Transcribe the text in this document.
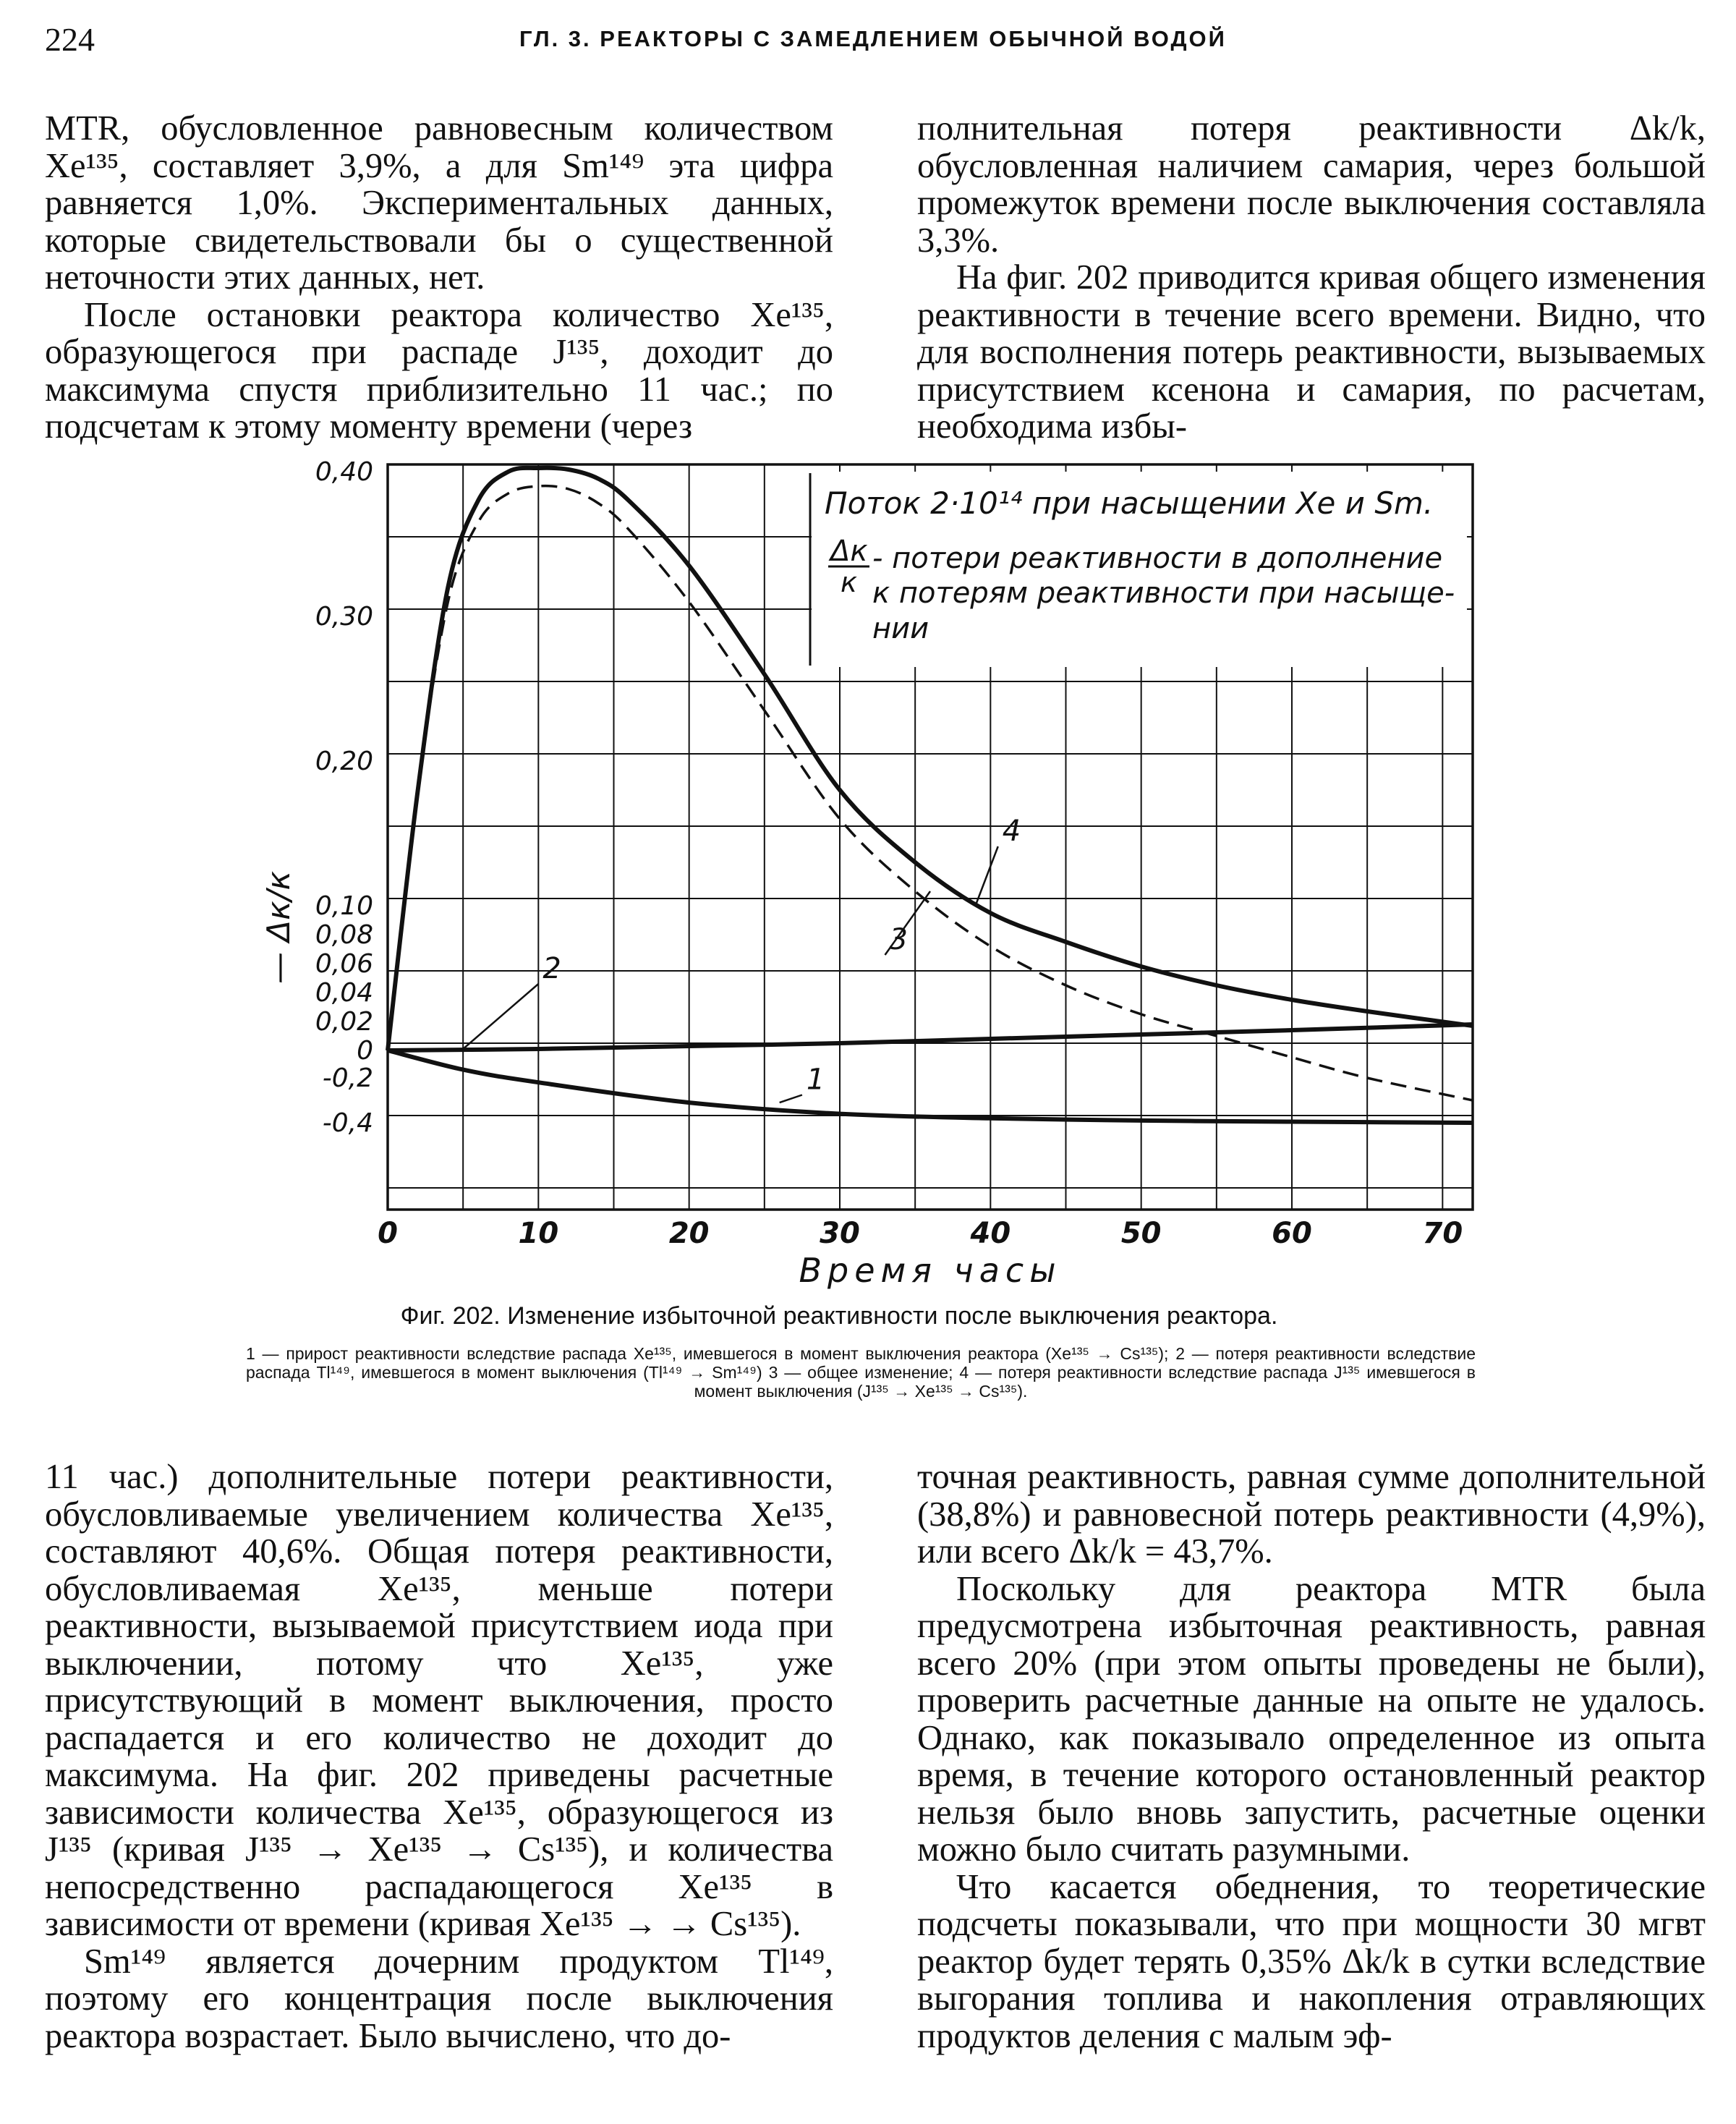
224	ГЛ. 3. РЕАКТОРЫ С ЗАМЕДЛЕНИЕМ ОБЫЧНОЙ ВОДОЙ

MTR, обусловленное равновесным количеством Xe¹³⁵, составляет 3,9%, а для Sm¹⁴⁹ эта цифра равняется 1,0%. Экспериментальных данных, которые свидетельствовали бы о существенной неточности этих данных, нет.

После остановки реактора количество Xe¹³⁵, образующегося при распаде J¹³⁵, доходит до максимума спустя приблизительно 11 час.; по подсчетам к этому моменту времени (через

полнительная потеря реактивности Δk/k, обусловленная наличием самария, через большой промежуток времени после выключения составляла 3,3%.

На фиг. 202 приводится кривая общего изменения реактивности в течение всего времени. Видно, что для восполнения потерь реактивности, вызываемых присутствием ксенона и самария, по расчетам, необходима избы-

-0,4
-0,2
0
0,02
0,04
0,06
0,08
0,10
0,20
0,30
0,40
0	10	20	30	40	50	60	70
1
2
3
4
Поток 2·10¹⁴ при насыщении Xe и Sm.
Δк
к
- потери реактивности в дополнение
к потерям реактивности при насыще-
нии
— Δк/к
Время часы
Фиг. 202. Изменение избыточной реактивности после выключения реактора.
1 — прирост реактивности вследствие распада Xe¹³⁵, имевшегося в момент выключения реактора (Xe¹³⁵ → Cs¹³⁵); 2 — потеря реактивности вследствие распада Tl¹⁴⁹, имевшегося в момент выключения (Tl¹⁴⁹ → Sm¹⁴⁹) 3 — общее изменение; 4 — потеря реактивности вследствие распада J¹³⁵ имевшегося в момент выключения (J¹³⁵ → Xe¹³⁵ → Cs¹³⁵).

11 час.) дополнительные потери реактивности, обусловливаемые увеличением количества Xe¹³⁵, составляют 40,6%. Общая потеря реактивности, обусловливаемая Xe¹³⁵, меньше потери реактивности, вызываемой присутствием иода при выключении, потому что Xe¹³⁵, уже присутствующий в момент выключения, просто распадается и его количество не доходит до максимума. На фиг. 202 приведены расчетные зависимости количества Xe¹³⁵, образующегося из J¹³⁵ (кривая J¹³⁵ → Xe¹³⁵ → Cs¹³⁵), и количества непосредственно распадающегося Xe¹³⁵ в зависимости от времени (кривая Xe¹³⁵ → → Cs¹³⁵).

Sm¹⁴⁹ является дочерним продуктом Tl¹⁴⁹, поэтому его концентрация после выключения реактора возрастает. Было вычислено, что до-

точная реактивность, равная сумме дополнительной (38,8%) и равновесной потерь реактивности (4,9%), или всего Δk/k = 43,7%.

Поскольку для реактора MTR была предусмотрена избыточная реактивность, равная всего 20% (при этом опыты проведены не были), проверить расчетные данные на опыте не удалось. Однако, как показывало определенное из опыта время, в течение которого остановленный реактор нельзя было вновь запустить, расчетные оценки можно было считать разумными.

Что касается обеднения, то теоретические подсчеты показывали, что при мощности 30 мгвт реактор будет терять 0,35% Δk/k в сутки вследствие выгорания топлива и накопления отравляющих продуктов деления с малым эф-
